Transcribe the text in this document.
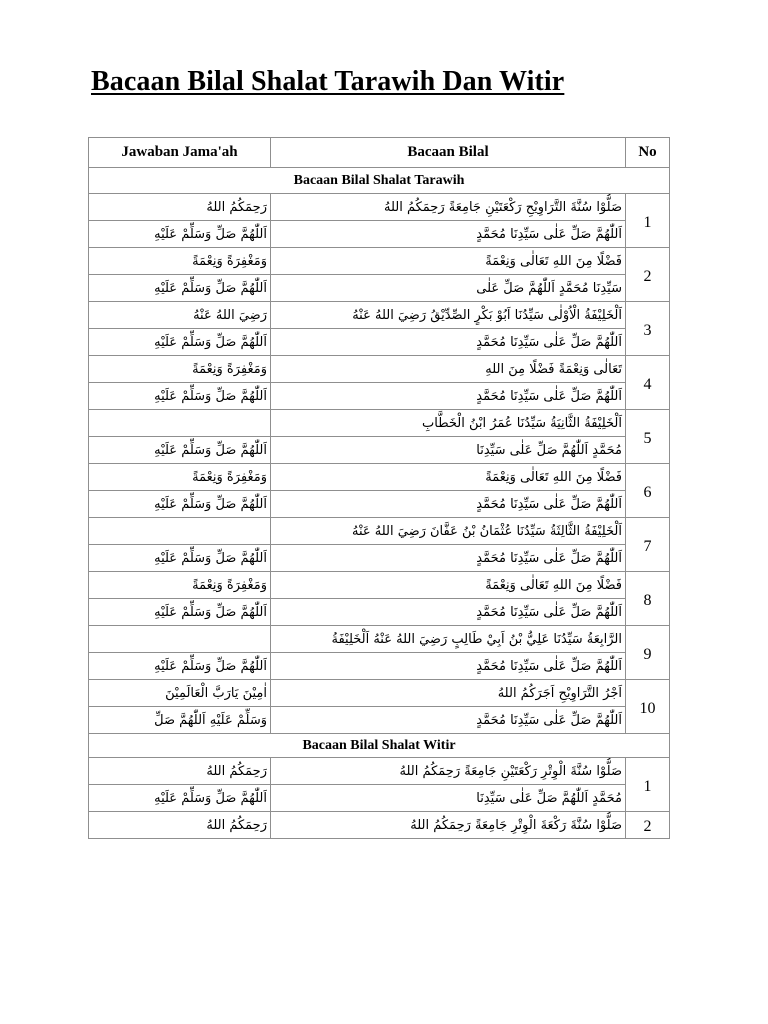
Bacaan Bilal Shalat Tarawih Dan Witir
Jawaban Jama'ah	Bacaan Bilal	No
Bacaan Bilal Shalat Tarawih		
رَحِمَكُمُ اللهُ	صَلُّوْا سُنَّةَ التَّرَاوِيْحِ رَكْعَتَيْنِ جَامِعَةً رَحِمَكُمُ اللهُ	1
اَللّٰهُمَّ صَلِّ وَسَلِّمْ عَلَيْهِ	اَللّٰهُمَّ صَلِّ عَلٰى سَيِّدِنَا مُحَمَّدٍ	
وَمَغْفِرَةً وَنِعْمَةً	فَضْلًا مِنَ اللهِ تَعَالٰى وَنِعْمَةً	2
اَللّٰهُمَّ صَلِّ وَسَلِّمْ عَلَيْهِ	سَيِّدِنَا مُحَمَّدٍ اَللّٰهُمَّ صَلِّ عَلٰى	
رَضِيَ اللهُ عَنْهُ	اَلْخَلِيْفَةُ الْاُوْلٰى سَيِّدُنَا اَبُوْ بَكْرٍ الصِّدِّيْقُ رَضِيَ اللهُ عَنْهُ	3
اَللّٰهُمَّ صَلِّ وَسَلِّمْ عَلَيْهِ	اَللّٰهُمَّ صَلِّ عَلٰى سَيِّدِنَا مُحَمَّدٍ	
وَمَغْفِرَةً وَنِعْمَةً	تَعَالٰى وَنِعْمَةً فَضْلًا مِنَ اللهِ	4
اَللّٰهُمَّ صَلِّ وَسَلِّمْ عَلَيْهِ	اَللّٰهُمَّ صَلِّ عَلٰى سَيِّدِنَا مُحَمَّدٍ	
	اَلْخَلِيْفَةُ الثَّانِيَةُ سَيِّدُنَا عُمَرُ ابْنُ الْخَطَّابِ	5
اَللّٰهُمَّ صَلِّ وَسَلِّمْ عَلَيْهِ	مُحَمَّدٍ اَللّٰهُمَّ صَلِّ عَلٰى سَيِّدِنَا	
وَمَغْفِرَةً وَنِعْمَةً	فَضْلًا مِنَ اللهِ تَعَالٰى وَنِعْمَةً	6
اَللّٰهُمَّ صَلِّ وَسَلِّمْ عَلَيْهِ	اَللّٰهُمَّ صَلِّ عَلٰى سَيِّدِنَا مُحَمَّدٍ	
	اَلْخَلِيْفَةُ الثَّالِثَةُ سَيِّدُنَا عُثْمَانُ بْنُ عَفَّانَ رَضِيَ اللهُ عَنْهُ	7
اَللّٰهُمَّ صَلِّ وَسَلِّمْ عَلَيْهِ	اَللّٰهُمَّ صَلِّ عَلٰى سَيِّدِنَا مُحَمَّدٍ	
وَمَغْفِرَةً وَنِعْمَةً	فَضْلًا مِنَ اللهِ تَعَالٰى وَنِعْمَةً	8
اَللّٰهُمَّ صَلِّ وَسَلِّمْ عَلَيْهِ	اَللّٰهُمَّ صَلِّ عَلٰى سَيِّدِنَا مُحَمَّدٍ	
	الرَّابِعَةُ سَيِّدُنَا عَلِيُّ بْنُ اَبِيْ طَالِبٍ رَضِيَ اللهُ عَنْهُ اَلْخَلِيْفَةُ	9
اَللّٰهُمَّ صَلِّ وَسَلِّمْ عَلَيْهِ	اَللّٰهُمَّ صَلِّ عَلٰى سَيِّدِنَا مُحَمَّدٍ	
اٰمِيْنَ يَارَبَّ الْعَالَمِيْنَ	اَجْرُ التَّرَاوِيْحِ اَجَرَكُمُ اللهُ	10
وَسَلِّمْ عَلَيْهِ اَللّٰهُمَّ صَلِّ	اَللّٰهُمَّ صَلِّ عَلٰى سَيِّدِنَا مُحَمَّدٍ	
Bacaan Bilal Shalat Witir		
رَحِمَكُمُ اللهُ	صَلُّوْا سُنَّةَ الْوِتْرِ رَكْعَتَيْنِ جَامِعَةً رَحِمَكُمُ اللهُ	1
اَللّٰهُمَّ صَلِّ وَسَلِّمْ عَلَيْهِ	مُحَمَّدٍ اَللّٰهُمَّ صَلِّ عَلٰى سَيِّدِنَا	
رَحِمَكُمُ اللهُ	صَلُّوْا سُنَّةَ رَكْعَةَ الْوِتْرِ جَامِعَةً رَحِمَكُمُ اللهُ	2
